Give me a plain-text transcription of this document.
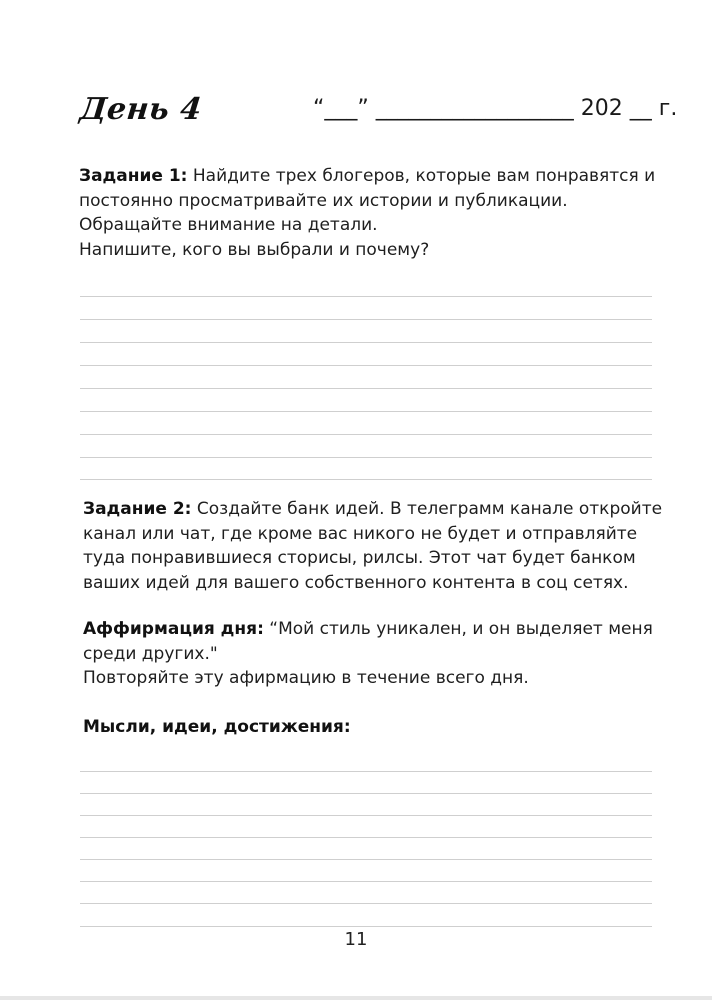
День 4	“___” __________________ 202 __ г.
Задание 1: Найдите трех блогеров, которые вам понравятся и
постоянно просматривайте их истории и публикации.
Обращайте внимание на детали.
Напишите, кого вы выбрали и почему?
Задание 2: Создайте банк идей. В телеграмм канале откройте
канал или чат, где кроме вас никого не будет и отправляйте
туда понравившиеся сторисы, рилсы. Этот чат будет банком
ваших идей для вашего собственного контента в соц сетях.
Аффирмация дня: “Мой стиль уникален, и он выделяет меня
среди других."
Повторяйте эту афирмацию в течение всего дня.
Мысли, идеи, достижения:
11
